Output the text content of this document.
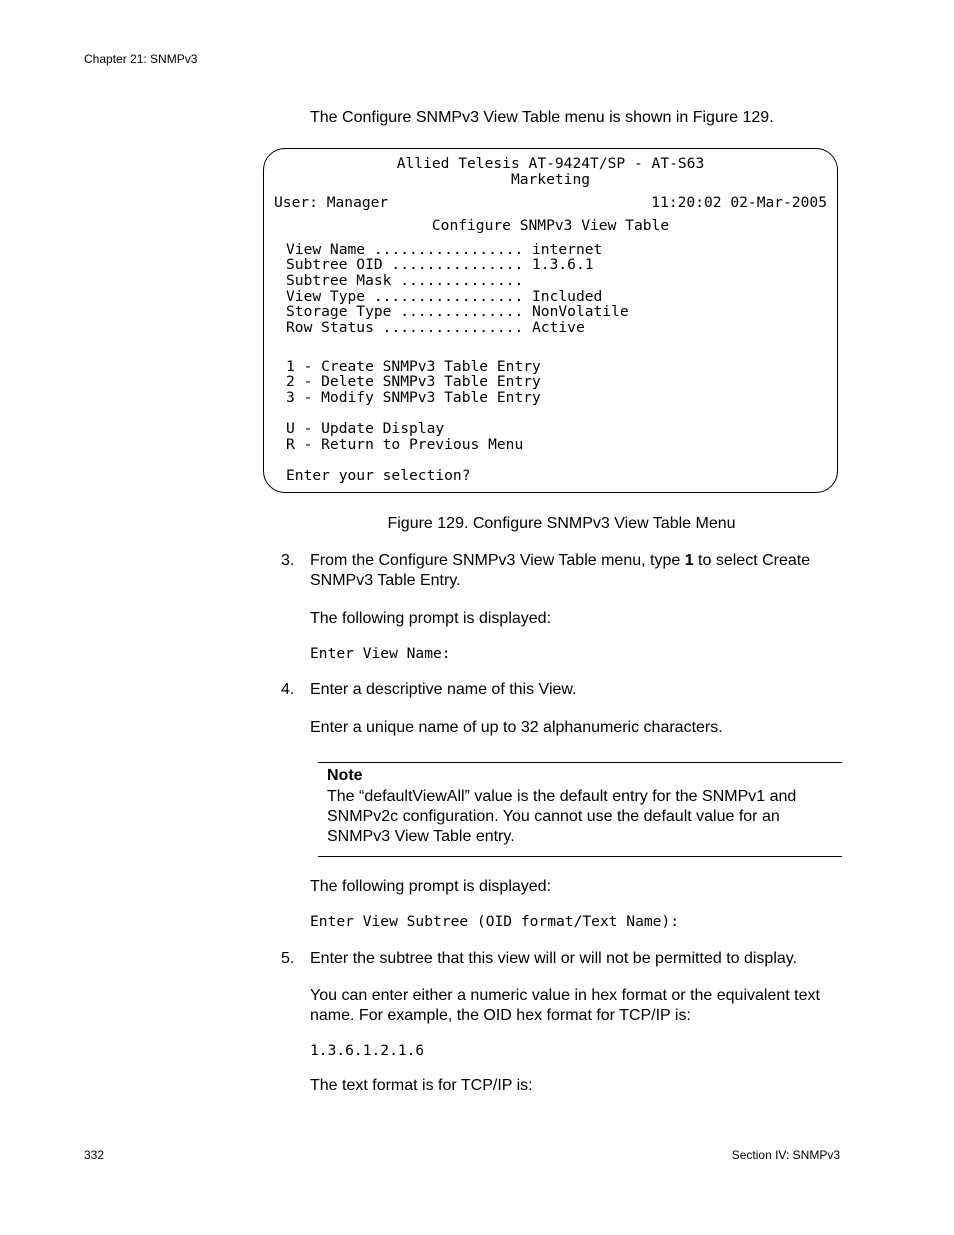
Chapter 21: SNMPv3
The Configure SNMPv3 View Table menu is shown in Figure 129.
Allied Telesis AT-9424T/SP - AT-S63
Marketing
User: Manager	11:20:02 02-Mar-2005
Configure SNMPv3 View Table
View Name ................. internet
Subtree OID ............... 1.3.6.1
Subtree Mask ..............
View Type ................. Included
Storage Type .............. NonVolatile
Row Status ................ Active
1 - Create SNMPv3 Table Entry
2 - Delete SNMPv3 Table Entry
3 - Modify SNMPv3 Table Entry
U - Update Display
R - Return to Previous Menu
Enter your selection?
Figure 129. Configure SNMPv3 View Table Menu
3. From the Configure SNMPv3 View Table menu, type 1 to select Create SNMPv3 Table Entry.
The following prompt is displayed:
Enter View Name:
4. Enter a descriptive name of this View.
Enter a unique name of up to 32 alphanumeric characters.
Note
The “defaultViewAll” value is the default entry for the SNMPv1 and SNMPv2c configuration. You cannot use the default value for an SNMPv3 View Table entry.
The following prompt is displayed:
Enter View Subtree (OID format/Text Name):
5. Enter the subtree that this view will or will not be permitted to display.
You can enter either a numeric value in hex format or the equivalent text name. For example, the OID hex format for TCP/IP is:
1.3.6.1.2.1.6
The text format is for TCP/IP is:
332	Section IV: SNMPv3
